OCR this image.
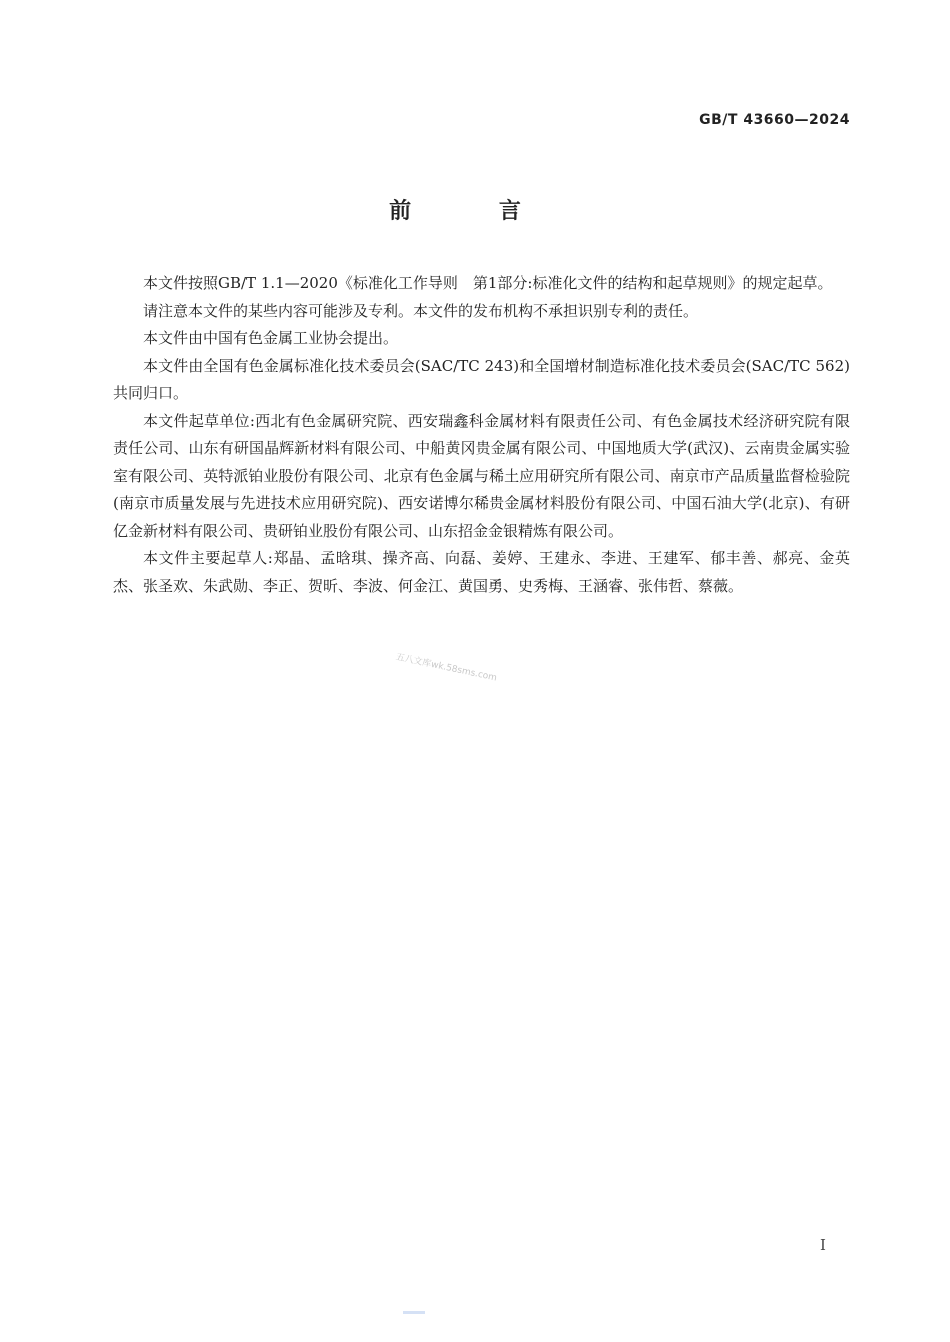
GB/T 43660—2024
前 言

本文件按照GB/T 1.1—2020《标准化工作导则　第1部分:标准化文件的结构和起草规则》的规定起草。

请注意本文件的某些内容可能涉及专利。本文件的发布机构不承担识别专利的责任。

本文件由中国有色金属工业协会提出。

本文件由全国有色金属标准化技术委员会(SAC/TC 243)和全国增材制造标准化技术委员会(SAC/TC 562)共同归口。

本文件起草单位:西北有色金属研究院、西安瑞鑫科金属材料有限责任公司、有色金属技术经济研究院有限责任公司、山东有研国晶辉新材料有限公司、中船黄冈贵金属有限公司、中国地质大学(武汉)、云南贵金属实验室有限公司、英特派铂业股份有限公司、北京有色金属与稀土应用研究所有限公司、南京市产品质量监督检验院(南京市质量发展与先进技术应用研究院)、西安诺博尔稀贵金属材料股份有限公司、中国石油大学(北京)、有研亿金新材料有限公司、贵研铂业股份有限公司、山东招金金银精炼有限公司。

本文件主要起草人:郑晶、孟晗琪、操齐高、向磊、姜婷、王建永、李进、王建军、郁丰善、郝亮、金英杰、张圣欢、朱武勋、李正、贺昕、李波、何金江、黄国勇、史秀梅、王涵睿、张伟哲、蔡薇。

五八文库wk.58sms.com
I
